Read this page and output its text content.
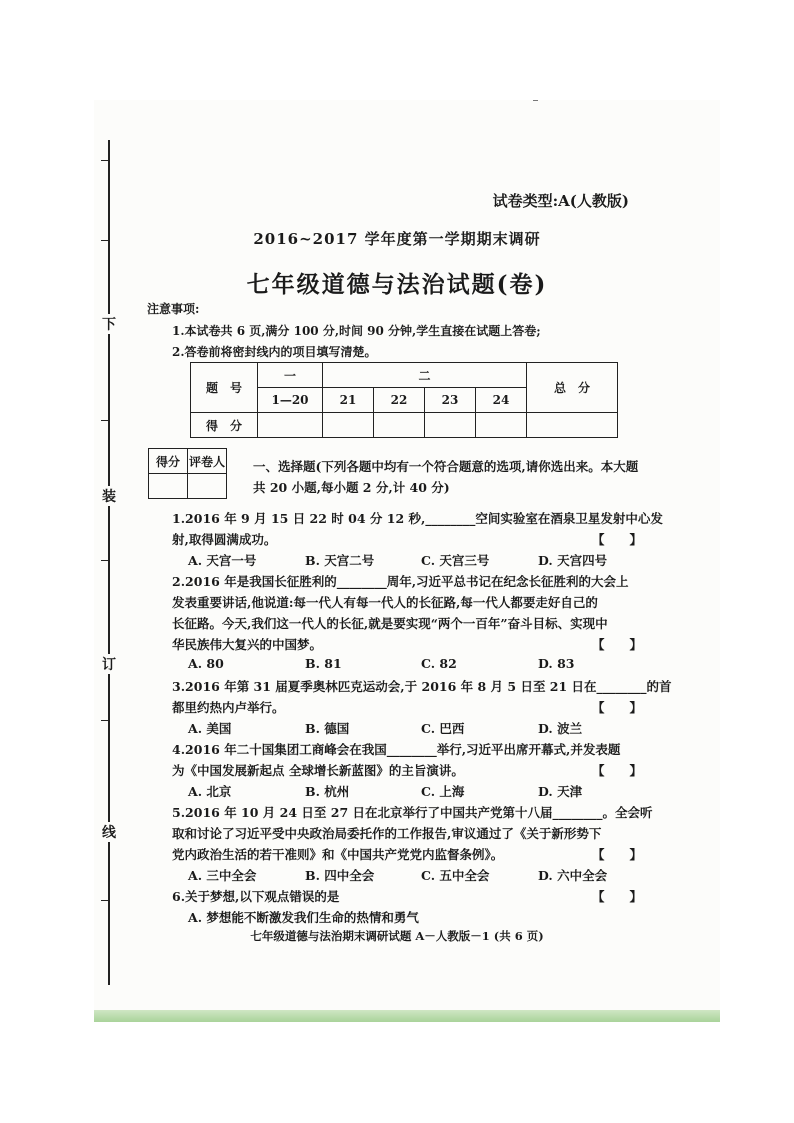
下
装
订
线
试卷类型:A(人教版)
2016~2017 学年度第一学期期末调研
七年级道德与法治试题(卷)
注意事项:
1.本试卷共 6 页,满分 100 分,时间 90 分钟,学生直接在试题上答卷;
2.答卷前将密封线内的项目填写清楚。
题　号	一	二				总　分
	1—20	21	22	23	24	
得　分						
得分	评卷人
	一、选择题(下列各题中均有一个符合题意的选项,请你选出来。本大题共 20 小题,每小题 2 分,计 40 分)
1.2016 年 9 月 15 日 22 时 04 分 12 秒,________空间实验室在酒泉卫星发射中心发
射,取得圆满成功。	【　　】
A. 天宫一号	B. 天宫二号	C. 天宫三号	D. 天宫四号
2.2016 年是我国长征胜利的________周年,习近平总书记在纪念长征胜利的大会上
发表重要讲话,他说道:每一代人有每一代人的长征路,每一代人都要走好自己的
长征路。今天,我们这一代人的长征,就是要实现“两个一百年”奋斗目标、实现中
华民族伟大复兴的中国梦。	【　　】
A. 80	B. 81	C. 82	D. 83
3.2016 年第 31 届夏季奥林匹克运动会,于 2016 年 8 月 5 日至 21 日在________的首
都里约热内卢举行。	【　　】
A. 美国	B. 德国	C. 巴西	D. 波兰
4.2016 年二十国集团工商峰会在我国________举行,习近平出席开幕式,并发表题
为《中国发展新起点 全球增长新蓝图》的主旨演讲。	【　　】
A. 北京	B. 杭州	C. 上海	D. 天津
5.2016 年 10 月 24 日至 27 日在北京举行了中国共产党第十八届________。全会听
取和讨论了习近平受中央政治局委托作的工作报告,审议通过了《关于新形势下
党内政治生活的若干准则》和《中国共产党党内监督条例》。	【　　】
A. 三中全会	B. 四中全会	C. 五中全会	D. 六中全会
6.关于梦想,以下观点错误的是	【　　】
A. 梦想能不断激发我们生命的热情和勇气
七年级道德与法治期末调研试题 A－人教版－1 (共 6 页)
